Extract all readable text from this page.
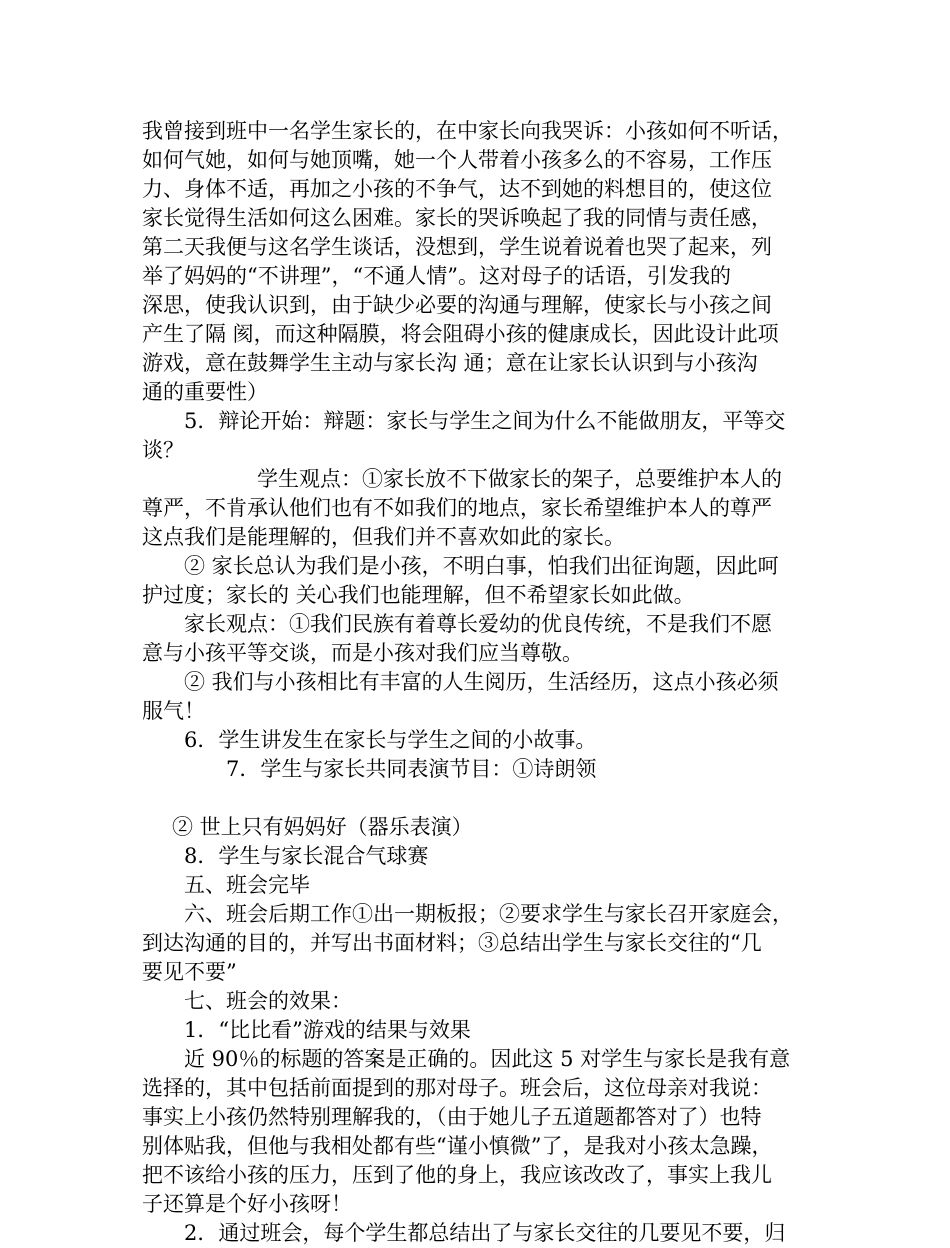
我曾接到班中一名学生家长的，在中家长向我哭诉：小孩如何不听话，
如何气她，如何与她顶嘴，她一个人带着小孩多么的不容易，工作压
力、身体不适，再加之小孩的不争气，达不到她的料想目的，使这位
家长觉得生活如何这么困难。家长的哭诉唤起了我的同情与责任感，
第二天我便与这名学生谈话，没想到，学生说着说着也哭了起来，列
举了妈妈的“不讲理”，“不通人情”。这对母子的话语，引发我的
深思，使我认识到，由于缺少必要的沟通与理解，使家长与小孩之间
产生了隔 阂，而这种隔膜，将会阻碍小孩的健康成长，因此设计此项
游戏，意在鼓舞学生主动与家长沟 通；意在让家长认识到与小孩沟
通的重要性）
5．辩论开始：辩题：家长与学生之间为什么不能做朋友，平等交
谈？
学生观点：①家长放不下做家长的架子，总要维护本人的
尊严，不肯承认他们也有不如我们的地点，家长希望维护本人的尊严
这点我们是能理解的，但我们并不喜欢如此的家长。
② 家长总认为我们是小孩，不明白事，怕我们出征询题，因此呵
护过度；家长的 关心我们也能理解，但不希望家长如此做。
家长观点：①我们民族有着尊长爱幼的优良传统，不是我们不愿
意与小孩平等交谈，而是小孩对我们应当尊敬。
② 我们与小孩相比有丰富的人生阅历，生活经历，这点小孩必须
服气！
6．学生讲发生在家长与学生之间的小故事。
7．学生与家长共同表演节目：①诗朗领
② 世上只有妈妈好（器乐表演）
8．学生与家长混合气球赛
五、班会完毕
六、班会后期工作①出一期板报；②要求学生与家长召开家庭会，
到达沟通的目的，并写出书面材料；③总结出学生与家长交往的“几
要见不要”
七、班会的效果：
1．“比比看”游戏的结果与效果
近 90％的标题的答案是正确的。因此这 5 对学生与家长是我有意
选择的，其中包括前面提到的那对母子。班会后，这位母亲对我说：
事实上小孩仍然特别理解我的，（由于她儿子五道题都答对了）也特
别体贴我，但他与我相处都有些“谨小慎微”了，是我对小孩太急躁，
把不该给小孩的压力，压到了他的身上，我应该改改了，事实上我儿
子还算是个好小孩呀！
2．通过班会，每个学生都总结出了与家长交往的几要见不要，归
